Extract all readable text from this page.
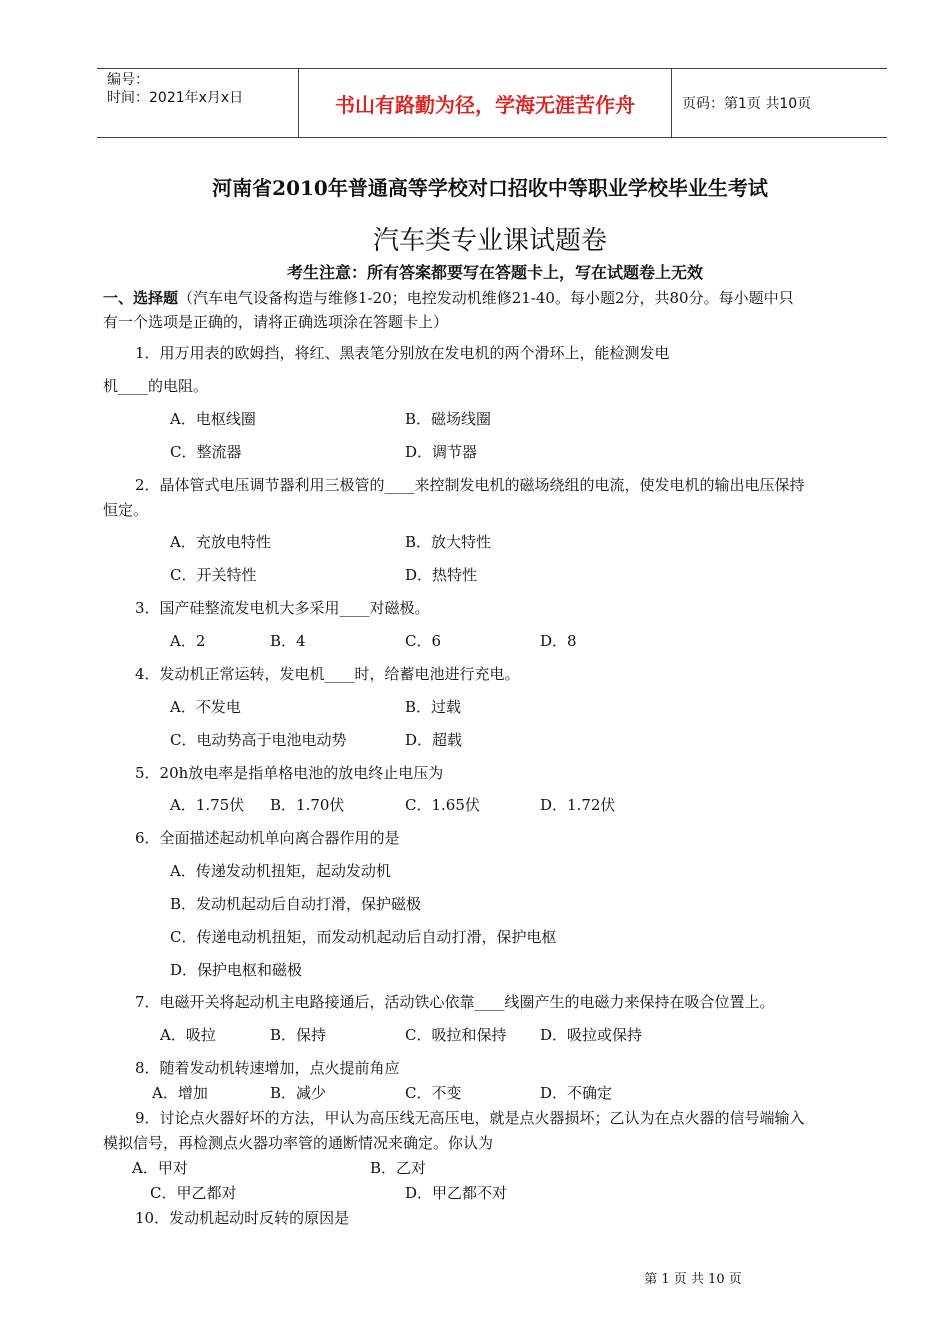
编号：
时间：2021年x月x日	书山有路勤为径，学海无涯苦作舟	页码：第1页 共10页
河南省2010年普通高等学校对口招收中等职业学校毕业生考试
汽车类专业课试题卷
考生注意：所有答案都要写在答题卡上，写在试题卷上无效
一、选择题（汽车电气设备构造与维修1-20；电控发动机维修21-40。每小题2分，共80分。每小题中只
有一个选项是正确的，请将正确选项涂在答题卡上）
1．用万用表的欧姆挡，将红、黑表笔分别放在发电机的两个滑环上，能检测发电
机____的电阻。
A．电枢线圈	B．磁场线圈
C．整流器	D．调节器
2．晶体管式电压调节器利用三极管的____来控制发电机的磁场绕组的电流，使发电机的输出电压保持
恒定。
A．充放电特性	B．放大特性
C．开关特性	D．热特性
3．国产硅整流发电机大多采用____对磁极。
A．2	B．4	C．6	D．8
4．发动机正常运转，发电机____时，给蓄电池进行充电。
A．不发电	B．过载
C．电动势高于电池电动势	D．超载
5．20h放电率是指单格电池的放电终止电压为
A．1.75伏 B．1.70伏	C．1.65伏	D．1.72伏
6．全面描述起动机单向离合器作用的是
A．传递发动机扭矩，起动发动机
B．发动机起动后自动打滑，保护磁极
C．传递电动机扭矩，而发动机起动后自动打滑，保护电枢
D．保护电枢和磁极
7．电磁开关将起动机主电路接通后，活动铁心依靠____线圈产生的电磁力来保持在吸合位置上。
A．吸拉	B．保持	C．吸拉和保持 D．吸拉或保持
8．随着发动机转速增加，点火提前角应
A．增加	B．减少	C．不变	D．不确定
9．讨论点火器好坏的方法，甲认为高压线无高压电，就是点火器损坏；乙认为在点火器的信号端输入
模拟信号，再检测点火器功率管的通断情况来确定。你认为
A．甲对	B．乙对
C．甲乙都对	D．甲乙都不对
10．发动机起动时反转的原因是
第 1 页 共 10 页
